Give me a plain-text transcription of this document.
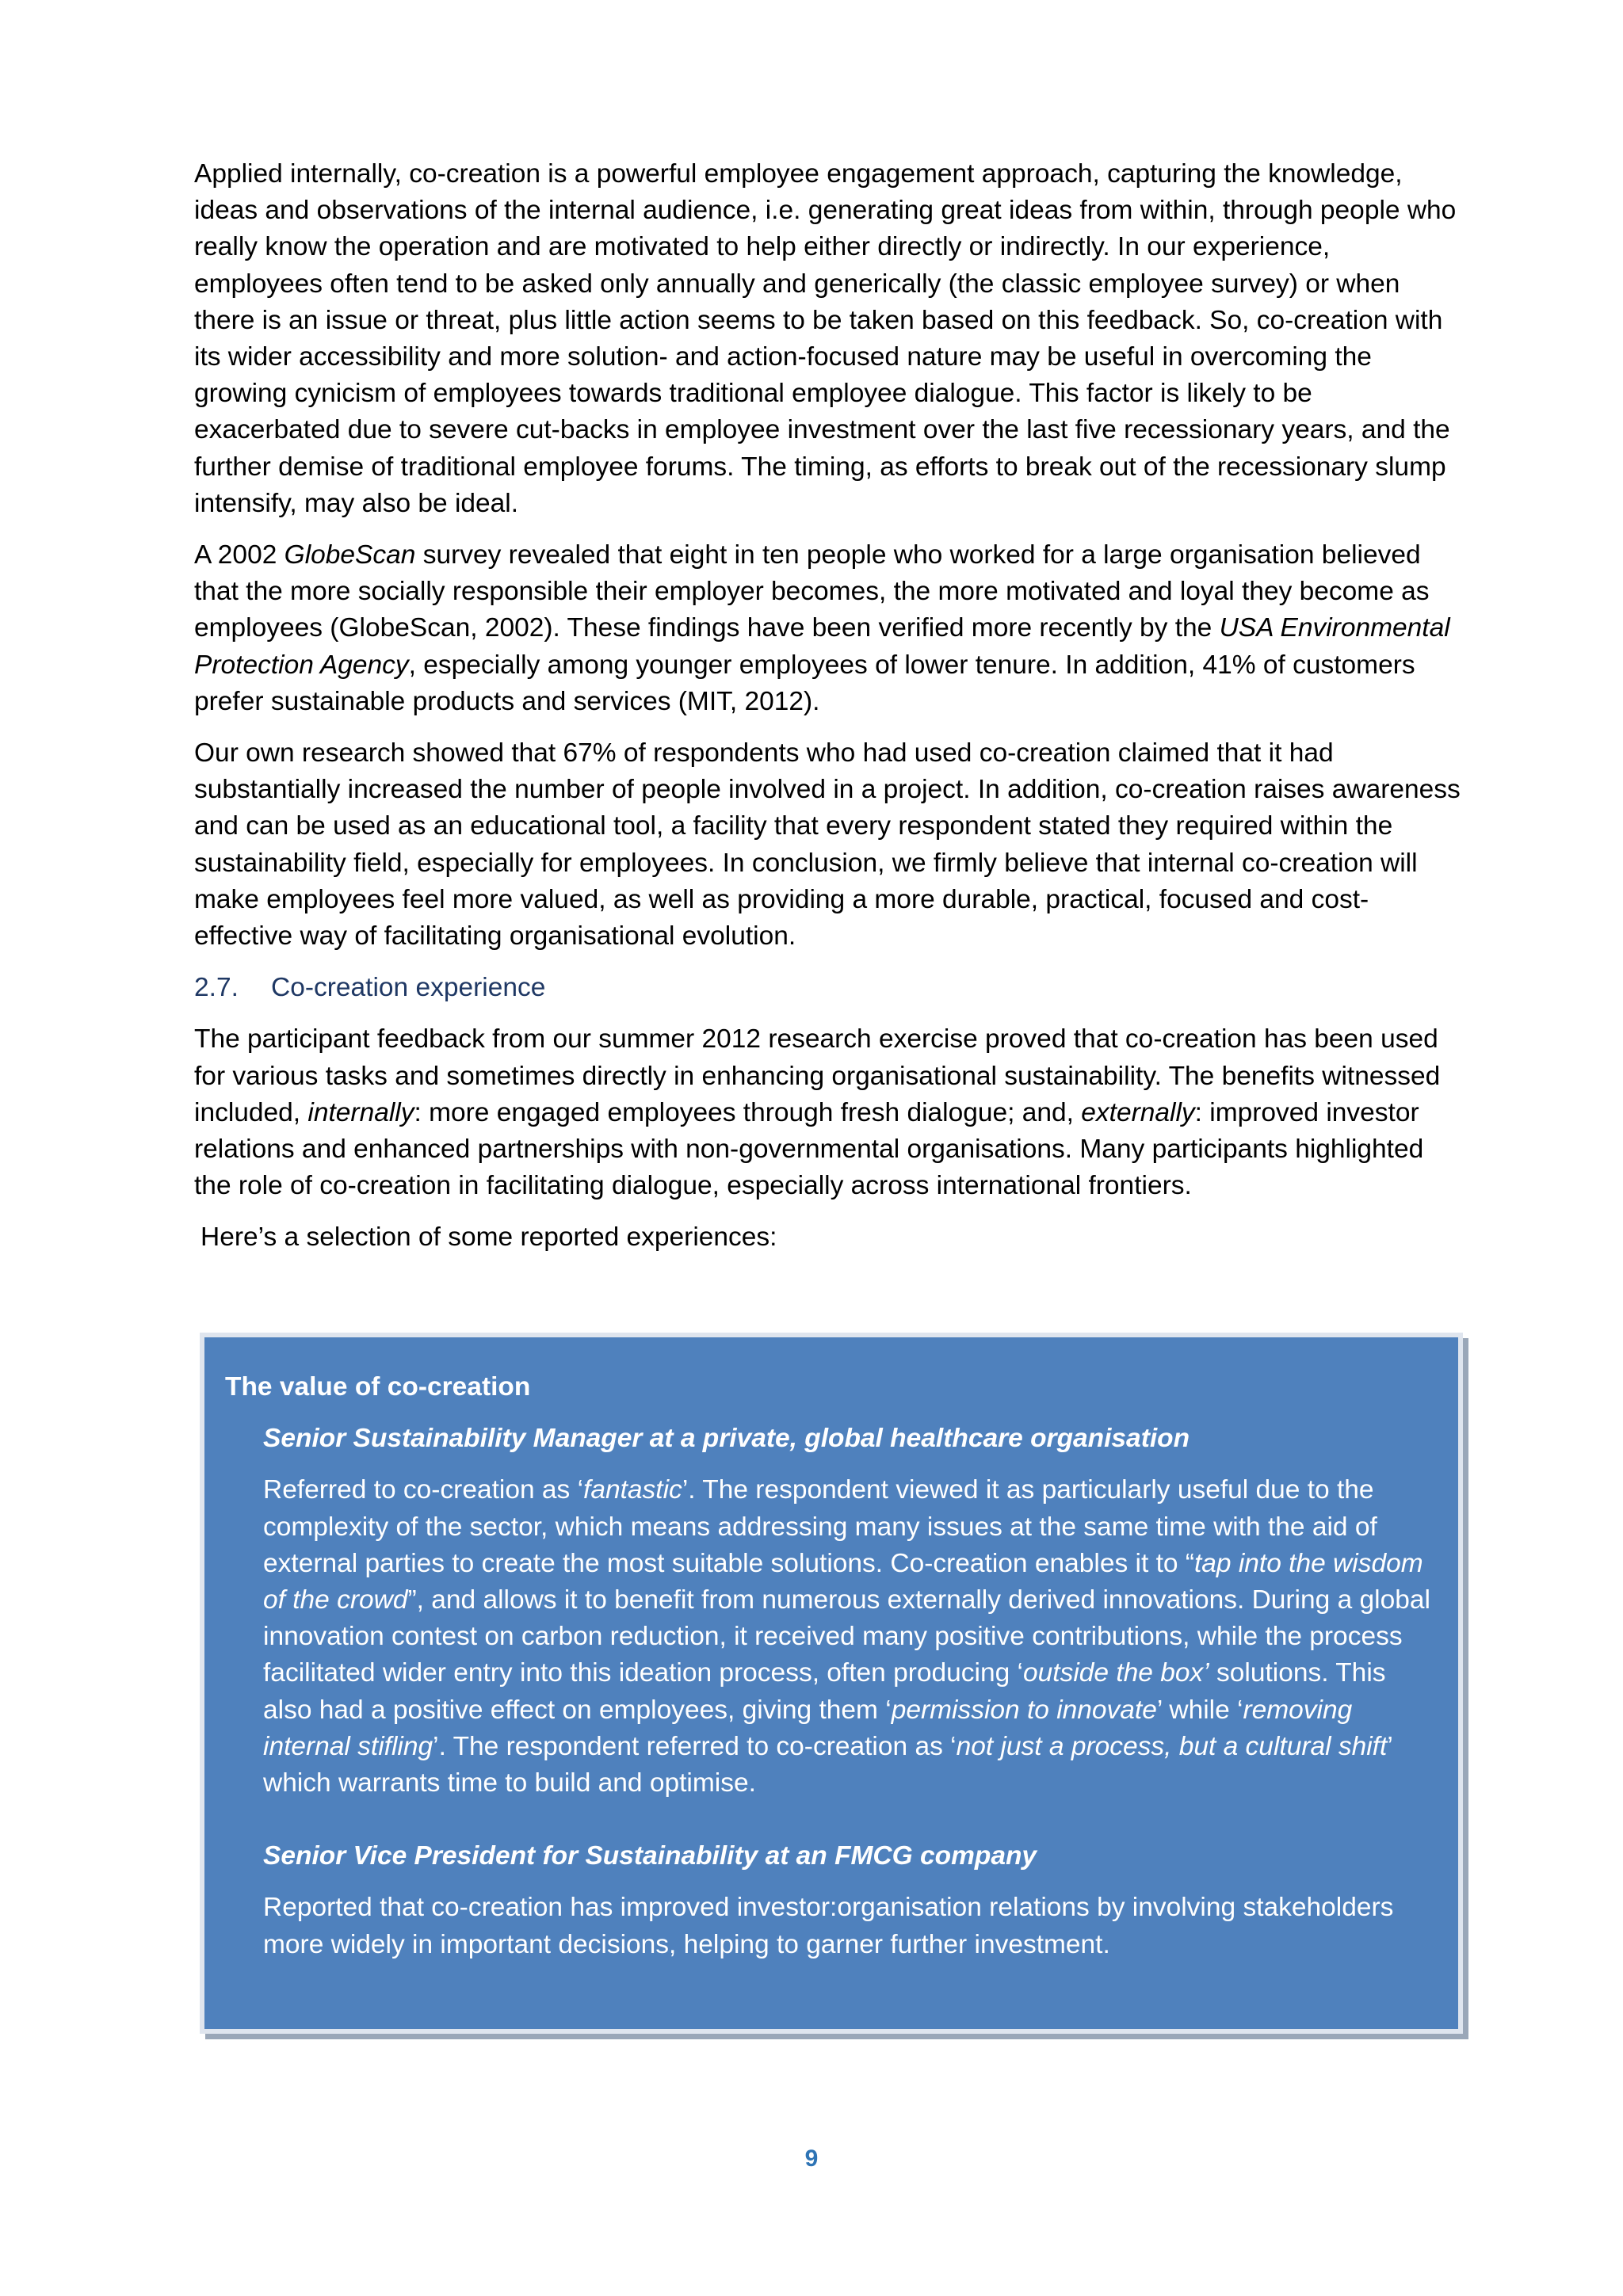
Applied internally, co-creation is a powerful employee engagement approach, capturing the knowledge, ideas and observations of the internal audience, i.e. generating great ideas from within, through people who really know the operation and are motivated to help either directly or indirectly. In our experience, employees often tend to be asked only annually and generically (the classic employee survey) or when there is an issue or threat, plus little action seems to be taken based on this feedback. So, co-creation with its wider accessibility and more solution- and action-focused nature may be useful in overcoming the growing cynicism of employees towards traditional employee dialogue. This factor is likely to be exacerbated due to severe cut-backs in employee investment over the last five recessionary years, and the further demise of traditional employee forums. The timing, as efforts to break out of the recessionary slump intensify, may also be ideal.

A 2002 GlobeScan survey revealed that eight in ten people who worked for a large organisation believed that the more socially responsible their employer becomes, the more motivated and loyal they become as employees (GlobeScan, 2002). These findings have been verified more recently by the USA Environmental Protection Agency, especially among younger employees of lower tenure. In addition, 41% of customers prefer sustainable products and services (MIT, 2012).

Our own research showed that 67% of respondents who had used co-creation claimed that it had substantially increased the number of people involved in a project. In addition, co-creation raises awareness and can be used as an educational tool, a facility that every respondent stated they required within the sustainability field, especially for employees. In conclusion, we firmly believe that internal co-creation will make employees feel more valued, as well as providing a more durable, practical, focused and cost-effective way of facilitating organisational evolution.

2.7.	Co-creation experience

The participant feedback from our summer 2012 research exercise proved that co-creation has been used for various tasks and sometimes directly in enhancing organisational sustainability. The benefits witnessed included, internally: more engaged employees through fresh dialogue; and, externally: improved investor relations and enhanced partnerships with non-governmental organisations. Many participants highlighted the role of co-creation in facilitating dialogue, especially across international frontiers.

Here’s a selection of some reported experiences:

The value of co-creation

Senior Sustainability Manager at a private, global healthcare organisation

Referred to co-creation as ‘fantastic’. The respondent viewed it as particularly useful due to the complexity of the sector, which means addressing many issues at the same time with the aid of external parties to create the most suitable solutions. Co-creation enables it to “tap into the wisdom of the crowd”, and allows it to benefit from numerous externally derived innovations. During a global innovation contest on carbon reduction, it received many positive contributions, while the process facilitated wider entry into this ideation process, often producing ‘outside the box’ solutions. This also had a positive effect on employees, giving them ‘permission to innovate’ while ‘removing internal stifling’. The respondent referred to co-creation as ‘not just a process, but a cultural shift’ which warrants time to build and optimise.

Senior Vice President for Sustainability at an FMCG company

Reported that co-creation has improved investor:organisation relations by involving stakeholders more widely in important decisions, helping to garner further investment.

9
